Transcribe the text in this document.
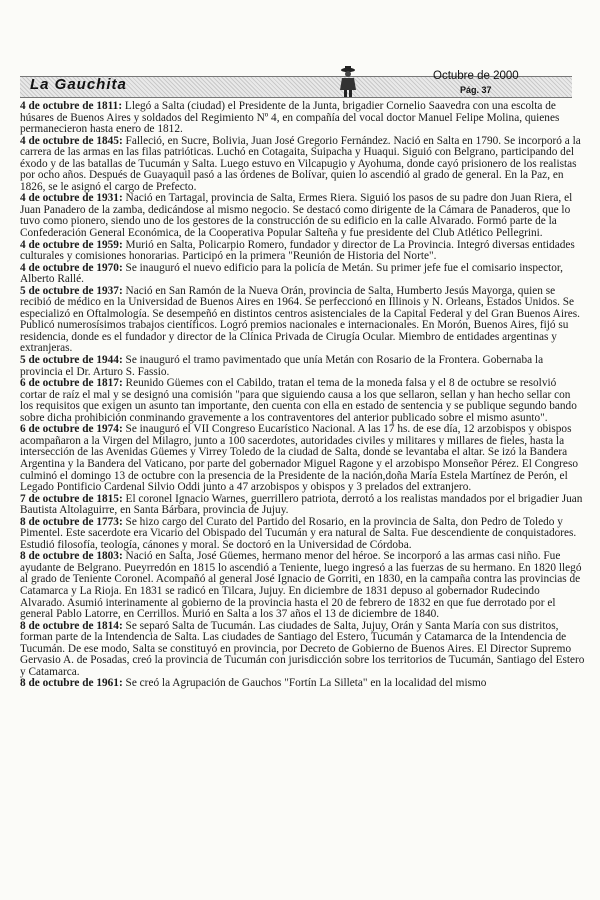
La Gauchita	Octubre de 2000
Pág. 37

4 de octubre de 1811: Llegó a Salta (ciudad) el Presidente de la Junta, brigadier Cornelio Saavedra con una escolta de húsares de Buenos Aires y soldados del Regimiento Nº 4, en compañía del vocal doctor Manuel Felipe Molina, quienes permanecieron hasta enero de 1812.

4 de octubre de 1845: Falleció, en Sucre, Bolivia, Juan José Gregorio Fernández. Nació en Salta en 1790. Se incorporó a la carrera de las armas en las filas patrióticas. Luchó en Cotagaita, Suipacha y Huaqui. Siguió con Belgrano, participando del éxodo y de las batallas de Tucumán y Salta. Luego estuvo en Vilcapugio y Ayohuma, donde cayó prisionero de los realistas por ocho años. Después de Guayaquil pasó a las órdenes de Bolívar, quien lo ascendió al grado de general. En la Paz, en 1826, se le asignó el cargo de Prefecto.

4 de octubre de 1931: Nació en Tartagal, provincia de Salta, Ermes Riera. Siguió los pasos de su padre don Juan Riera, el Juan Panadero de la zamba, dedicándose al mismo negocio. Se destacó como dirigente de la Cámara de Panaderos, que lo tuvo como pionero, siendo uno de los gestores de la construcción de su edificio en la calle Alvarado. Formó parte de la Confederación General Económica, de la Cooperativa Popular Salteña y fue presidente del Club Atlético Pellegrini.

4 de octubre de 1959: Murió en Salta, Policarpio Romero, fundador y director de La Provincia. Integró diversas entidades culturales y comisiones honorarias. Participó en la primera "Reunión de Historia del Norte".

4 de octubre de 1970: Se inauguró el nuevo edificio para la policía de Metán. Su primer jefe fue el comisario inspector, Alberto Rallé.

5 de octubre de 1937: Nació en San Ramón de la Nueva Orán, provincia de Salta, Humberto Jesús Mayorga, quien se recibió de médico en la Universidad de Buenos Aires en 1964. Se perfeccionó en Illinois y N. Orleans, Estados Unidos. Se especializó en Oftalmología. Se desempeñó en distintos centros asistenciales de la Capital Federal y del Gran Buenos Aires. Publicó numerosísimos trabajos científicos. Logró premios nacionales e internacionales. En Morón, Buenos Aires, fijó su residencia, donde es el fundador y director de la Clínica Privada de Cirugía Ocular. Miembro de entidades argentinas y extranjeras.

5 de octubre de 1944: Se inauguró el tramo pavimentado que unía Metán con Rosario de la Frontera. Gobernaba la provincia el Dr. Arturo S. Fassio.

6 de octubre de 1817: Reunido Güemes con el Cabildo, tratan el tema de la moneda falsa y el 8 de octubre se resolvió cortar de raíz el mal y se designó una comisión "para que siguiendo causa a los que sellaron, sellan y han hecho sellar con los requisitos que exigen un asunto tan importante, den cuenta con ella en estado de sentencia y se publique segundo bando sobre dicha prohibición conminando gravemente a los contraventores del anterior publicado sobre el mismo asunto".

6 de octubre de 1974: Se inauguró el VII Congreso Eucarístico Nacional. A las 17 hs. de ese día, 12 arzobispos y obispos acompañaron a la Virgen del Milagro, junto a 100 sacerdotes, autoridades civiles y militares y millares de fieles, hasta la intersección de las Avenidas Güemes y Virrey Toledo de la ciudad de Salta, donde se levantaba el altar. Se izó la Bandera Argentina y la Bandera del Vaticano, por parte del gobernador Miguel Ragone y el arzobispo Monseñor Pérez. El Congreso culminó el domingo 13 de octubre con la presencia de la Presidente de la nación,doña María Estela Martínez de Perón, el Legado Pontificio Cardenal Silvio Oddi junto a 47 arzobispos y obispos y 3 prelados del extranjero.

7 de octubre de 1815: El coronel Ignacio Warnes, guerrillero patriota, derrotó a los realistas mandados por el brigadier Juan Bautista Altolaguirre, en Santa Bárbara, provincia de Jujuy.

8 de octubre de 1773: Se hizo cargo del Curato del Partido del Rosario, en la provincia de Salta, don Pedro de Toledo y Pimentel. Este sacerdote era Vicario del Obispado del Tucumán y era natural de Salta. Fue descendiente de conquistadores. Estudió filosofía, teología, cánones y moral. Se doctoró en la Universidad de Córdoba.

8 de octubre de 1803: Nació en Salta, José Güemes, hermano menor del héroe. Se incorporó a las armas casi niño. Fue ayudante de Belgrano. Pueyrredón en 1815 lo ascendió a Teniente, luego ingresó a las fuerzas de su hermano. En 1820 llegó al grado de Teniente Coronel. Acompañó al general José Ignacio de Gorriti, en 1830, en la campaña contra las provincias de Catamarca y La Rioja. En 1831 se radicó en Tilcara, Jujuy. En diciembre de 1831 depuso al gobernador Rudecindo Alvarado. Asumió interinamente al gobierno de la provincia hasta el 20 de febrero de 1832 en que fue derrotado por el general Pablo Latorre, en Cerrillos. Murió en Salta a los 37 años el 13 de diciembre de 1840.

8 de octubre de 1814: Se separó Salta de Tucumán. Las ciudades de Salta, Jujuy, Orán y Santa María con sus distritos, forman parte de la Intendencia de Salta. Las ciudades de Santiago del Estero, Tucumán y Catamarca de la Intendencia de Tucumán. De ese modo, Salta se constituyó en provincia, por Decreto de Gobierno de Buenos Aires. El Director Supremo Gervasio A. de Posadas, creó la provincia de Tucumán con jurisdicción sobre los territorios de Tucumán, Santiago del Estero y Catamarca.

8 de octubre de 1961: Se creó la Agrupación de Gauchos "Fortín La Silleta" en la localidad del mismo
